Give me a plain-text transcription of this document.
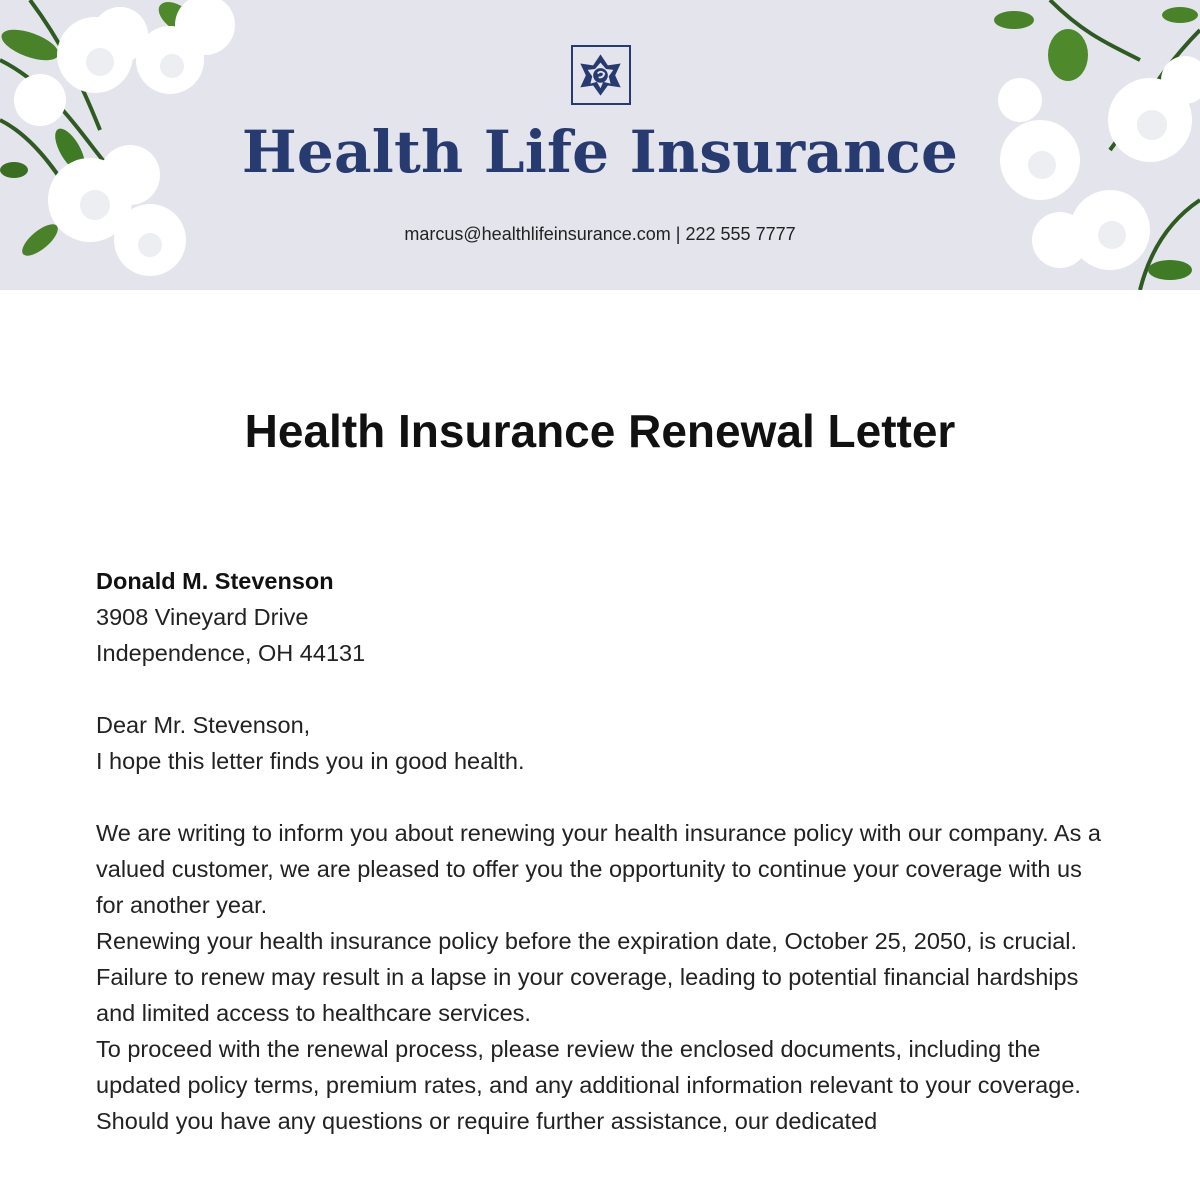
Health Life Insurance
marcus@healthlifeinsurance.com | 222 555 7777
Health Insurance Renewal Letter

Donald M. Stevenson

3908 Vineyard Drive

Independence, OH 44131

Dear Mr. Stevenson,

I hope this letter finds you in good health.

We are writing to inform you about renewing your health insurance policy with our company. As a valued customer, we are pleased to offer you the opportunity to continue your coverage with us for another year.

Renewing your health insurance policy before the expiration date, October 25, 2050, is crucial. Failure to renew may result in a lapse in your coverage, leading to potential financial hardships and limited access to healthcare services.

To proceed with the renewal process, please review the enclosed documents, including the updated policy terms, premium rates, and any additional information relevant to your coverage. Should you have any questions or require further assistance, our dedicated
